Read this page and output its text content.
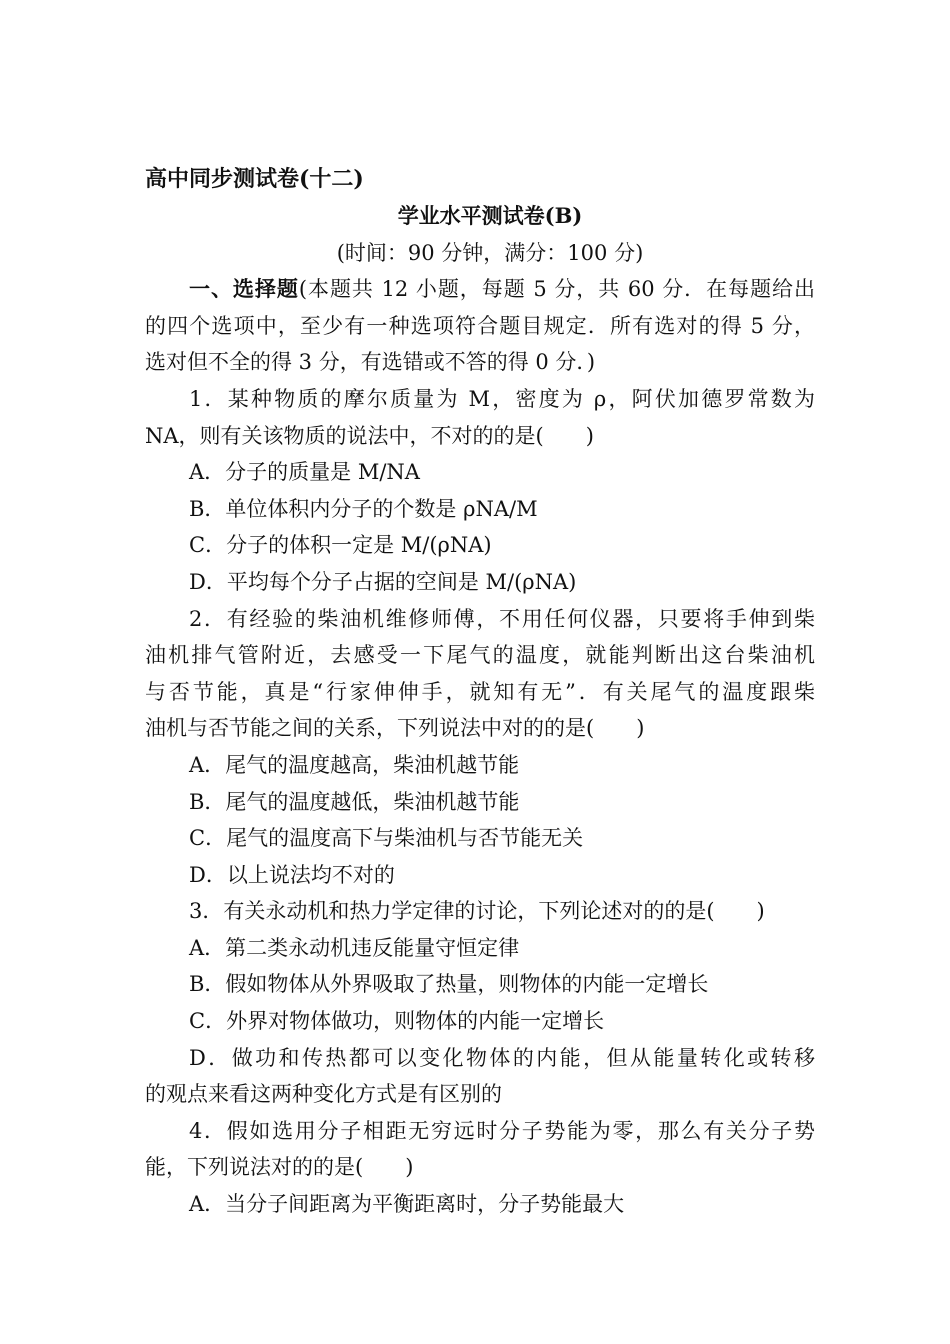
高中同步测试卷(十二)
学业水平测试卷(B)
(时间：90 分钟，满分：100 分)
一、选择题(本题共 12 小题，每题 5 分，共 60 分．在每题给出
的四个选项中，至少有一种选项符合题目规定．所有选对的得 5 分，
选对但不全的得 3 分，有选错或不答的得 0 分．)
1．某种物质的摩尔质量为 M，密度为 ρ，阿伏加德罗常数为
NA，则有关该物质的说法中，不对的的是(　　)
A．分子的质量是 M/NA
B．单位体积内分子的个数是 ρNA/M
C．分子的体积一定是 M/(ρNA)
D．平均每个分子占据的空间是 M/(ρNA)
2．有经验的柴油机维修师傅，不用任何仪器，只要将手伸到柴
油机排气管附近，去感受一下尾气的温度，就能判断出这台柴油机
与否节能，真是“行家伸伸手，就知有无”．有关尾气的温度跟柴
油机与否节能之间的关系，下列说法中对的的是(　　)
A．尾气的温度越高，柴油机越节能
B．尾气的温度越低，柴油机越节能
C．尾气的温度高下与柴油机与否节能无关
D．以上说法均不对的
3．有关永动机和热力学定律的讨论，下列论述对的的是(　　)
A．第二类永动机违反能量守恒定律
B．假如物体从外界吸取了热量，则物体的内能一定增长
C．外界对物体做功，则物体的内能一定增长
D．做功和传热都可以变化物体的内能，但从能量转化或转移
的观点来看这两种变化方式是有区别的
4．假如选用分子相距无穷远时分子势能为零，那么有关分子势
能，下列说法对的的是(　　)
A．当分子间距离为平衡距离时，分子势能最大
